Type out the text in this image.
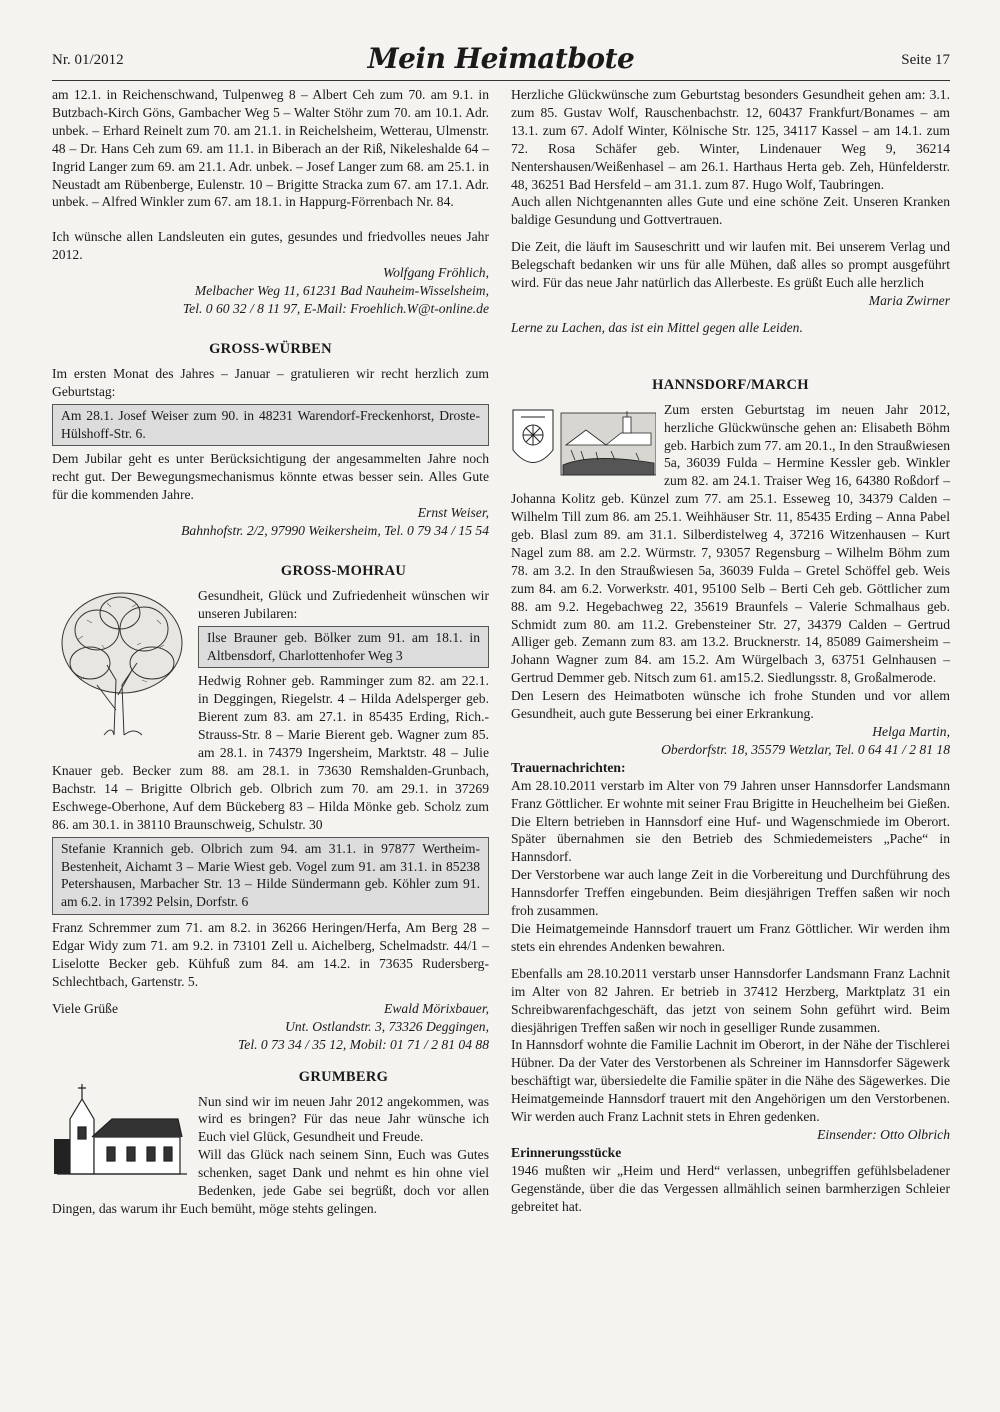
Nr. 01/2012	Mein Heimatbote	Seite 17

am 12.1. in Reichenschwand, Tulpenweg 8 – Albert Ceh zum 70. am 9.1. in Butzbach-Kirch Göns, Gambacher Weg 5 – Walter Stöhr zum 70. am 10.1. Adr. unbek. – Erhard Reinelt zum 70. am 21.1. in Reichelsheim, Wetterau, Ulmenstr. 48 – Dr. Hans Ceh zum 69. am 11.1. in Biberach an der Riß, Nikeleshalde 64 – Ingrid Langer zum 69. am 21.1. Adr. unbek. – Josef Langer zum 68. am 25.1. in Neustadt am Rübenberge, Eulenstr. 10 – Brigitte Stracka zum 67. am 17.1. Adr. unbek. – Alfred Winkler zum 67. am 18.1. in Happurg-Förrenbach Nr. 84.

Ich wünsche allen Landsleuten ein gutes, gesundes und friedvolles neues Jahr 2012.

Wolfgang Fröhlich,

Melbacher Weg 11, 61231 Bad Nauheim-Wisselsheim,

Tel. 0 60 32 / 8 11 97, E-Mail: Froehlich.W@t-online.de

GROSS-WÜRBEN

Im ersten Monat des Jahres – Januar – gratulieren wir recht herzlich zum Geburtstag:

Am 28.1. Josef Weiser zum 90. in 48231 Warendorf-Freckenhorst, Droste-Hülshoff-Str. 6.

Dem Jubilar geht es unter Berücksichtigung der angesammelten Jahre noch recht gut. Der Bewegungsmechanismus könnte etwas besser sein. Alles Gute für die kommenden Jahre.

Ernst Weiser,

Bahnhofstr. 2/2, 97990 Weikersheim, Tel. 0 79 34 / 15 54

GROSS-MOHRAU

Gesundheit, Glück und Zufriedenheit wünschen wir unseren Jubilaren:

Ilse Brauner geb. Bölker zum 91. am 18.1. in Altbensdorf, Charlottenhofer Weg 3

Hedwig Rohner geb. Ramminger zum 82. am 22.1. in Deggingen, Riegelstr. 4 – Hilda Adelsperger geb. Bierent zum 83. am 27.1. in 85435 Erding, Rich.-Strauss-Str. 8 – Marie Bierent geb. Wagner zum 85. am 28.1. in 74379 Ingersheim, Marktstr. 48 – Julie Knauer geb. Becker zum 88. am 28.1. in 73630 Remshalden-Grunbach, Bachstr. 14 – Brigitte Olbrich geb. Olbrich zum 70. am 29.1. in 37269 Eschwege-Oberhone, Auf dem Bückeberg 83 – Hilda Mönke geb. Scholz zum 86. am 30.1. in 38110 Braunschweig, Schulstr. 30

Stefanie Krannich geb. Olbrich zum 94. am 31.1. in 97877 Wertheim-Bestenheit, Aichamt 3 – Marie Wiest geb. Vogel zum 91. am 31.1. in 85238 Petershausen, Marbacher Str. 13 – Hilde Sündermann geb. Köhler zum 91. am 6.2. in 17392 Pelsin, Dorfstr. 6

Franz Schremmer zum 71. am 8.2. in 36266 Heringen/Herfa, Am Berg 28 – Edgar Widy zum 71. am 9.2. in 73101 Zell u. Aichelberg, Schelmadstr. 44/1 – Liselotte Becker geb. Kühfuß zum 84. am 14.2. in 73635 Rudersberg-Schlechtbach, Gartenstr. 5.

Viele Grüße	Ewald Mörixbauer,

Unt. Ostlandstr. 3, 73326 Deggingen,

Tel. 0 73 34 / 35 12, Mobil: 01 71 / 2 81 04 88

GRUMBERG

Nun sind wir im neuen Jahr 2012 angekommen, was wird es bringen? Für das neue Jahr wünsche ich Euch viel Glück, Gesundheit und Freude.

Will das Glück nach seinem Sinn, Euch was Gutes schenken, saget Dank und nehmt es hin ohne viel Bedenken, jede Gabe sei begrüßt, doch vor allen Dingen, das warum ihr Euch bemüht, möge stehts gelingen.

Herzliche Glückwünsche zum Geburtstag besonders Gesundheit gehen am: 3.1. zum 85. Gustav Wolf, Rauschenbachstr. 12, 60437 Frankfurt/Bonames – am 13.1. zum 67. Adolf Winter, Kölnische Str. 125, 34117 Kassel – am 14.1. zum 72. Rosa Schäfer geb. Winter, Lindenauer Weg 9, 36214 Nentershausen/Weißenhasel – am 26.1. Harthaus Herta geb. Zeh, Hünfelderstr. 48, 36251 Bad Hersfeld – am 31.1. zum 87. Hugo Wolf, Taubringen.

Auch allen Nichtgenannten alles Gute und eine schöne Zeit. Unseren Kranken baldige Gesundung und Gottvertrauen.

Die Zeit, die läuft im Sauseschritt und wir laufen mit. Bei unserem Verlag und Belegschaft bedanken wir uns für alle Mühen, daß alles so prompt ausgeführt wird. Für das neue Jahr natürlich das Allerbeste. Es grüßt Euch alle herzlich

Maria Zwirner

Lerne zu Lachen, das ist ein Mittel gegen alle Leiden.

HANNSDORF/MARCH

Zum ersten Geburtstag im neuen Jahr 2012, herzliche Glückwünsche gehen an: Elisabeth Böhm geb. Harbich zum 77. am 20.1., In den Straußwiesen 5a, 36039 Fulda – Hermine Kessler geb. Winkler zum 82. am 24.1. Traiser Weg 16, 64380 Roßdorf – Johanna Kolitz geb. Künzel zum 77. am 25.1. Esseweg 10, 34379 Calden – Wilhelm Till zum 86. am 25.1. Weihhäuser Str. 11, 85435 Erding – Anna Pabel geb. Blasl zum 89. am 31.1. Silberdistelweg 4, 37216 Witzenhausen – Kurt Nagel zum 88. am 2.2. Würmstr. 7, 93057 Regensburg – Wilhelm Böhm zum 78. am 3.2. In den Straußwiesen 5a, 36039 Fulda – Gretel Schöffel geb. Weis zum 84. am 6.2. Vorwerkstr. 401, 95100 Selb – Berti Ceh geb. Göttlicher zum 88. am 9.2. Hegebachweg 22, 35619 Braunfels – Valerie Schmalhaus geb. Schmidt zum 80. am 11.2. Grebensteiner Str. 27, 34379 Calden – Gertrud Alliger geb. Zemann zum 83. am 13.2. Brucknerstr. 14, 85089 Gaimersheim – Johann Wagner zum 84. am 15.2. Am Würgelbach 3, 63751 Gelnhausen – Gertrud Demmer geb. Nitsch zum 61. am15.2. Siedlungsstr. 8, Großalmerode.

Den Lesern des Heimatboten wünsche ich frohe Stunden und vor allem Gesundheit, auch gute Besserung bei einer Erkrankung.

Helga Martin,

Oberdorfstr. 18, 35579 Wetzlar, Tel. 0 64 41 / 2 81 18

Trauernachrichten:

Am 28.10.2011 verstarb im Alter von 79 Jahren unser Hannsdorfer Landsmann Franz Göttlicher. Er wohnte mit seiner Frau Brigitte in Heuchelheim bei Gießen. Die Eltern betrieben in Hannsdorf eine Huf- und Wagenschmiede im Oberort. Später übernahmen sie den Betrieb des Schmiedemeisters „Pache“ in Hannsdorf.

Der Verstorbene war auch lange Zeit in die Vorbereitung und Durchführung des Hannsdorfer Treffen eingebunden. Beim diesjährigen Treffen saßen wir noch froh zusammen.

Die Heimatgemeinde Hannsdorf trauert um Franz Göttlicher. Wir werden ihm stets ein ehrendes Andenken bewahren.

Ebenfalls am 28.10.2011 verstarb unser Hannsdorfer Landsmann Franz Lachnit im Alter von 82 Jahren. Er betrieb in 37412 Herzberg, Marktplatz 31 ein Schreibwarenfachgeschäft, das jetzt von seinem Sohn geführt wird. Beim diesjährigen Treffen saßen wir noch in geselliger Runde zusammen.

In Hannsdorf wohnte die Familie Lachnit im Oberort, in der Nähe der Tischlerei Hübner. Da der Vater des Verstorbenen als Schreiner im Hannsdorfer Sägewerk beschäftigt war, übersiedelte die Familie später in die Nähe des Sägewerkes. Die Heimatgemeinde Hannsdorf trauert mit den Angehörigen um den Verstorbenen. Wir werden auch Franz Lachnit stets in Ehren gedenken.

Einsender: Otto Olbrich

Erinnerungsstücke

1946 mußten wir „Heim und Herd“ verlassen, unbegriffen gefühlsbeladener Gegenstände, über die das Vergessen allmählich seinen barmherzigen Schleier gebreitet hat.
